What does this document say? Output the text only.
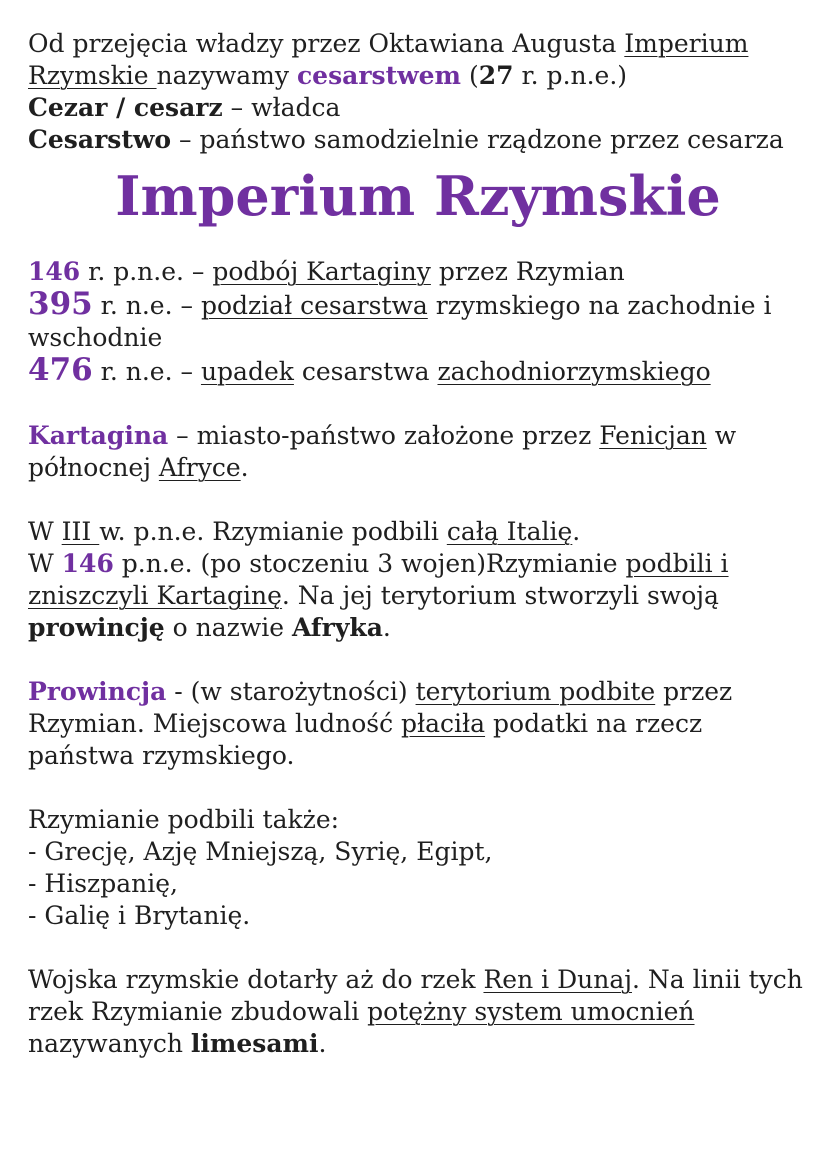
Od przejęcia władzy przez Oktawiana Augusta Imperium Rzymskie nazywamy cesarstwem (27 r. p.n.e.)

Cezar / cesarz – władca

Cesarstwo – państwo samodzielnie rządzone przez cesarza

Imperium Rzymskie

146 r. p.n.e. – podbój Kartaginy przez Rzymian

395 r. n.e. – podział cesarstwa rzymskiego na zachodnie i wschodnie

476 r. n.e. – upadek cesarstwa zachodniorzymskiego

Kartagina – miasto-państwo założone przez Fenicjan w północnej Afryce.

W III w. p.n.e. Rzymianie podbili całą Italię.

W 146 p.n.e. (po stoczeniu 3 wojen)Rzymianie podbili i zniszczyli Kartaginę. Na jej terytorium stworzyli swoją prowincję o nazwie Afryka.

Prowincja - (w starożytności) terytorium podbite przez Rzymian. Miejscowa ludność płaciła podatki na rzecz państwa rzymskiego.

Rzymianie podbili także:

- Grecję, Azję Mniejszą, Syrię, Egipt,

- Hiszpanię,

- Galię i Brytanię.

Wojska rzymskie dotarły aż do rzek Ren i Dunaj. Na linii tych rzek Rzymianie zbudowali potężny system umocnień nazywanych limesami.
